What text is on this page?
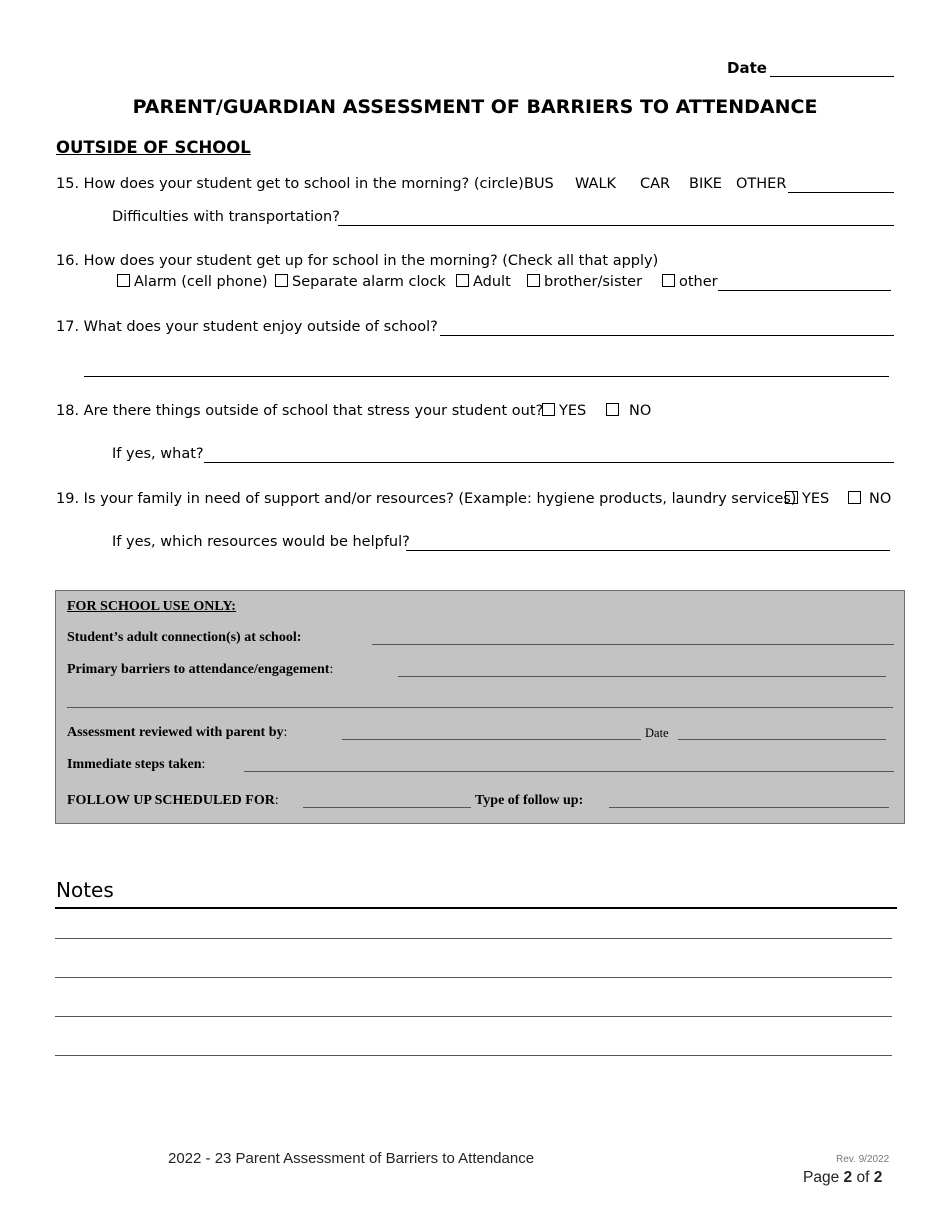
Date
PARENT/GUARDIAN ASSESSMENT OF BARRIERS TO ATTENDANCE
OUTSIDE OF SCHOOL
15. How does your student get to school in the morning? (circle) BUS WALK CAR BIKE OTHER
Difficulties with transportation?
16. How does your student get up for school in the morning? (Check all that apply)
Alarm (cell phone)	Separate alarm clock	Adult	brother/sister	other
17. What does your student enjoy outside of school?
18. Are there things outside of school that stress your student out?	YES	NO
If yes, what?
19. Is your family in need of support and/or resources? (Example: hygiene products, laundry services) YES	NO
If yes, which resources would be helpful?
FOR SCHOOL USE ONLY:
Student’s adult connection(s) at school:
Primary barriers to attendance/engagement:
Assessment reviewed with parent by:	Date
Immediate steps taken:
FOLLOW UP SCHEDULED FOR:	Type of follow up:
Notes
2022 - 23 Parent Assessment of Barriers to Attendance	Rev. 9/2022
Page 2 of 2
